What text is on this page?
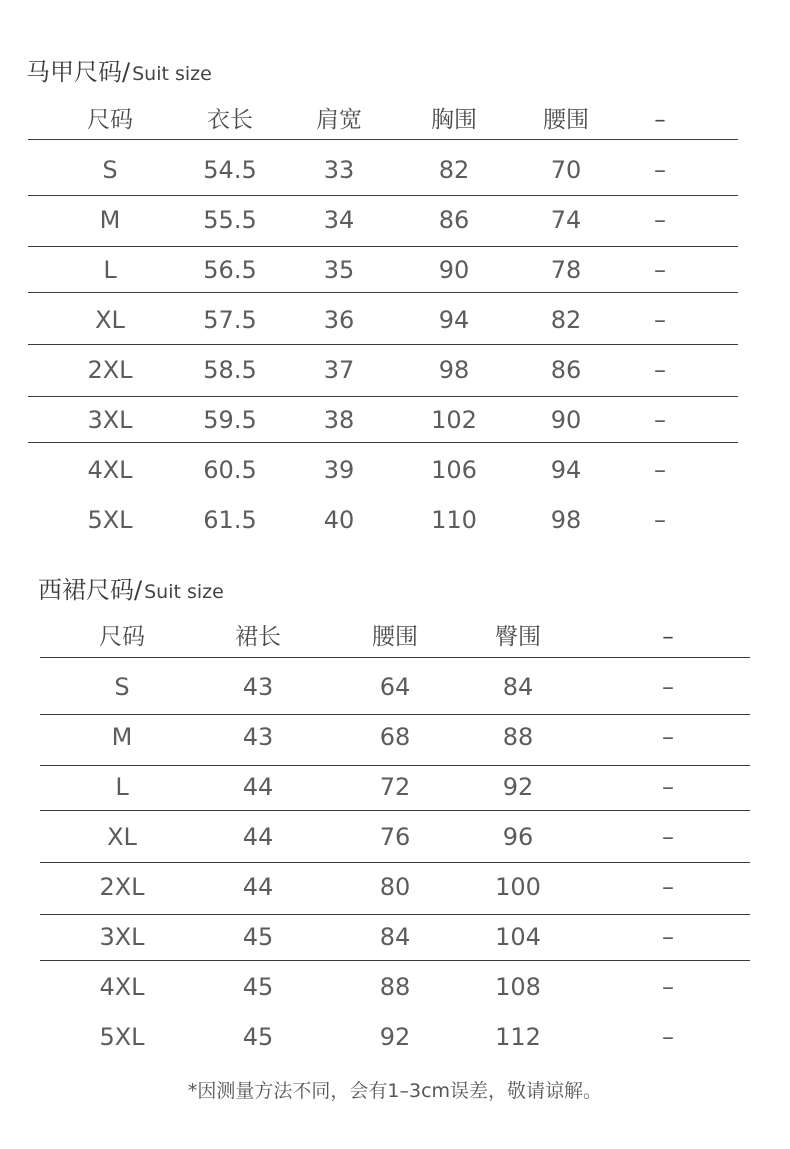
马甲尺码/ Suit size
尺码	衣长	肩宽	胸围	腰围	–
S	54.5	33	82	70	–
M	55.5	34	86	74	–
L	56.5	35	90	78	–
XL	57.5	36	94	82	–
2XL	58.5	37	98	86	–
3XL	59.5	38	102	90	–
4XL	60.5	39	106	94	–
5XL	61.5	40	110	98	–
西裙尺码/ Suit size
尺码	裙长	腰围	臀围	–
S	43	64	84	–
M	43	68	88	–
L	44	72	92	–
XL	44	76	96	–
2XL	44	80	100	–
3XL	45	84	104	–
4XL	45	88	108	–
5XL	45	92	112	–
*因测量方法不同，会有1–3cm误差，敬请谅解。
